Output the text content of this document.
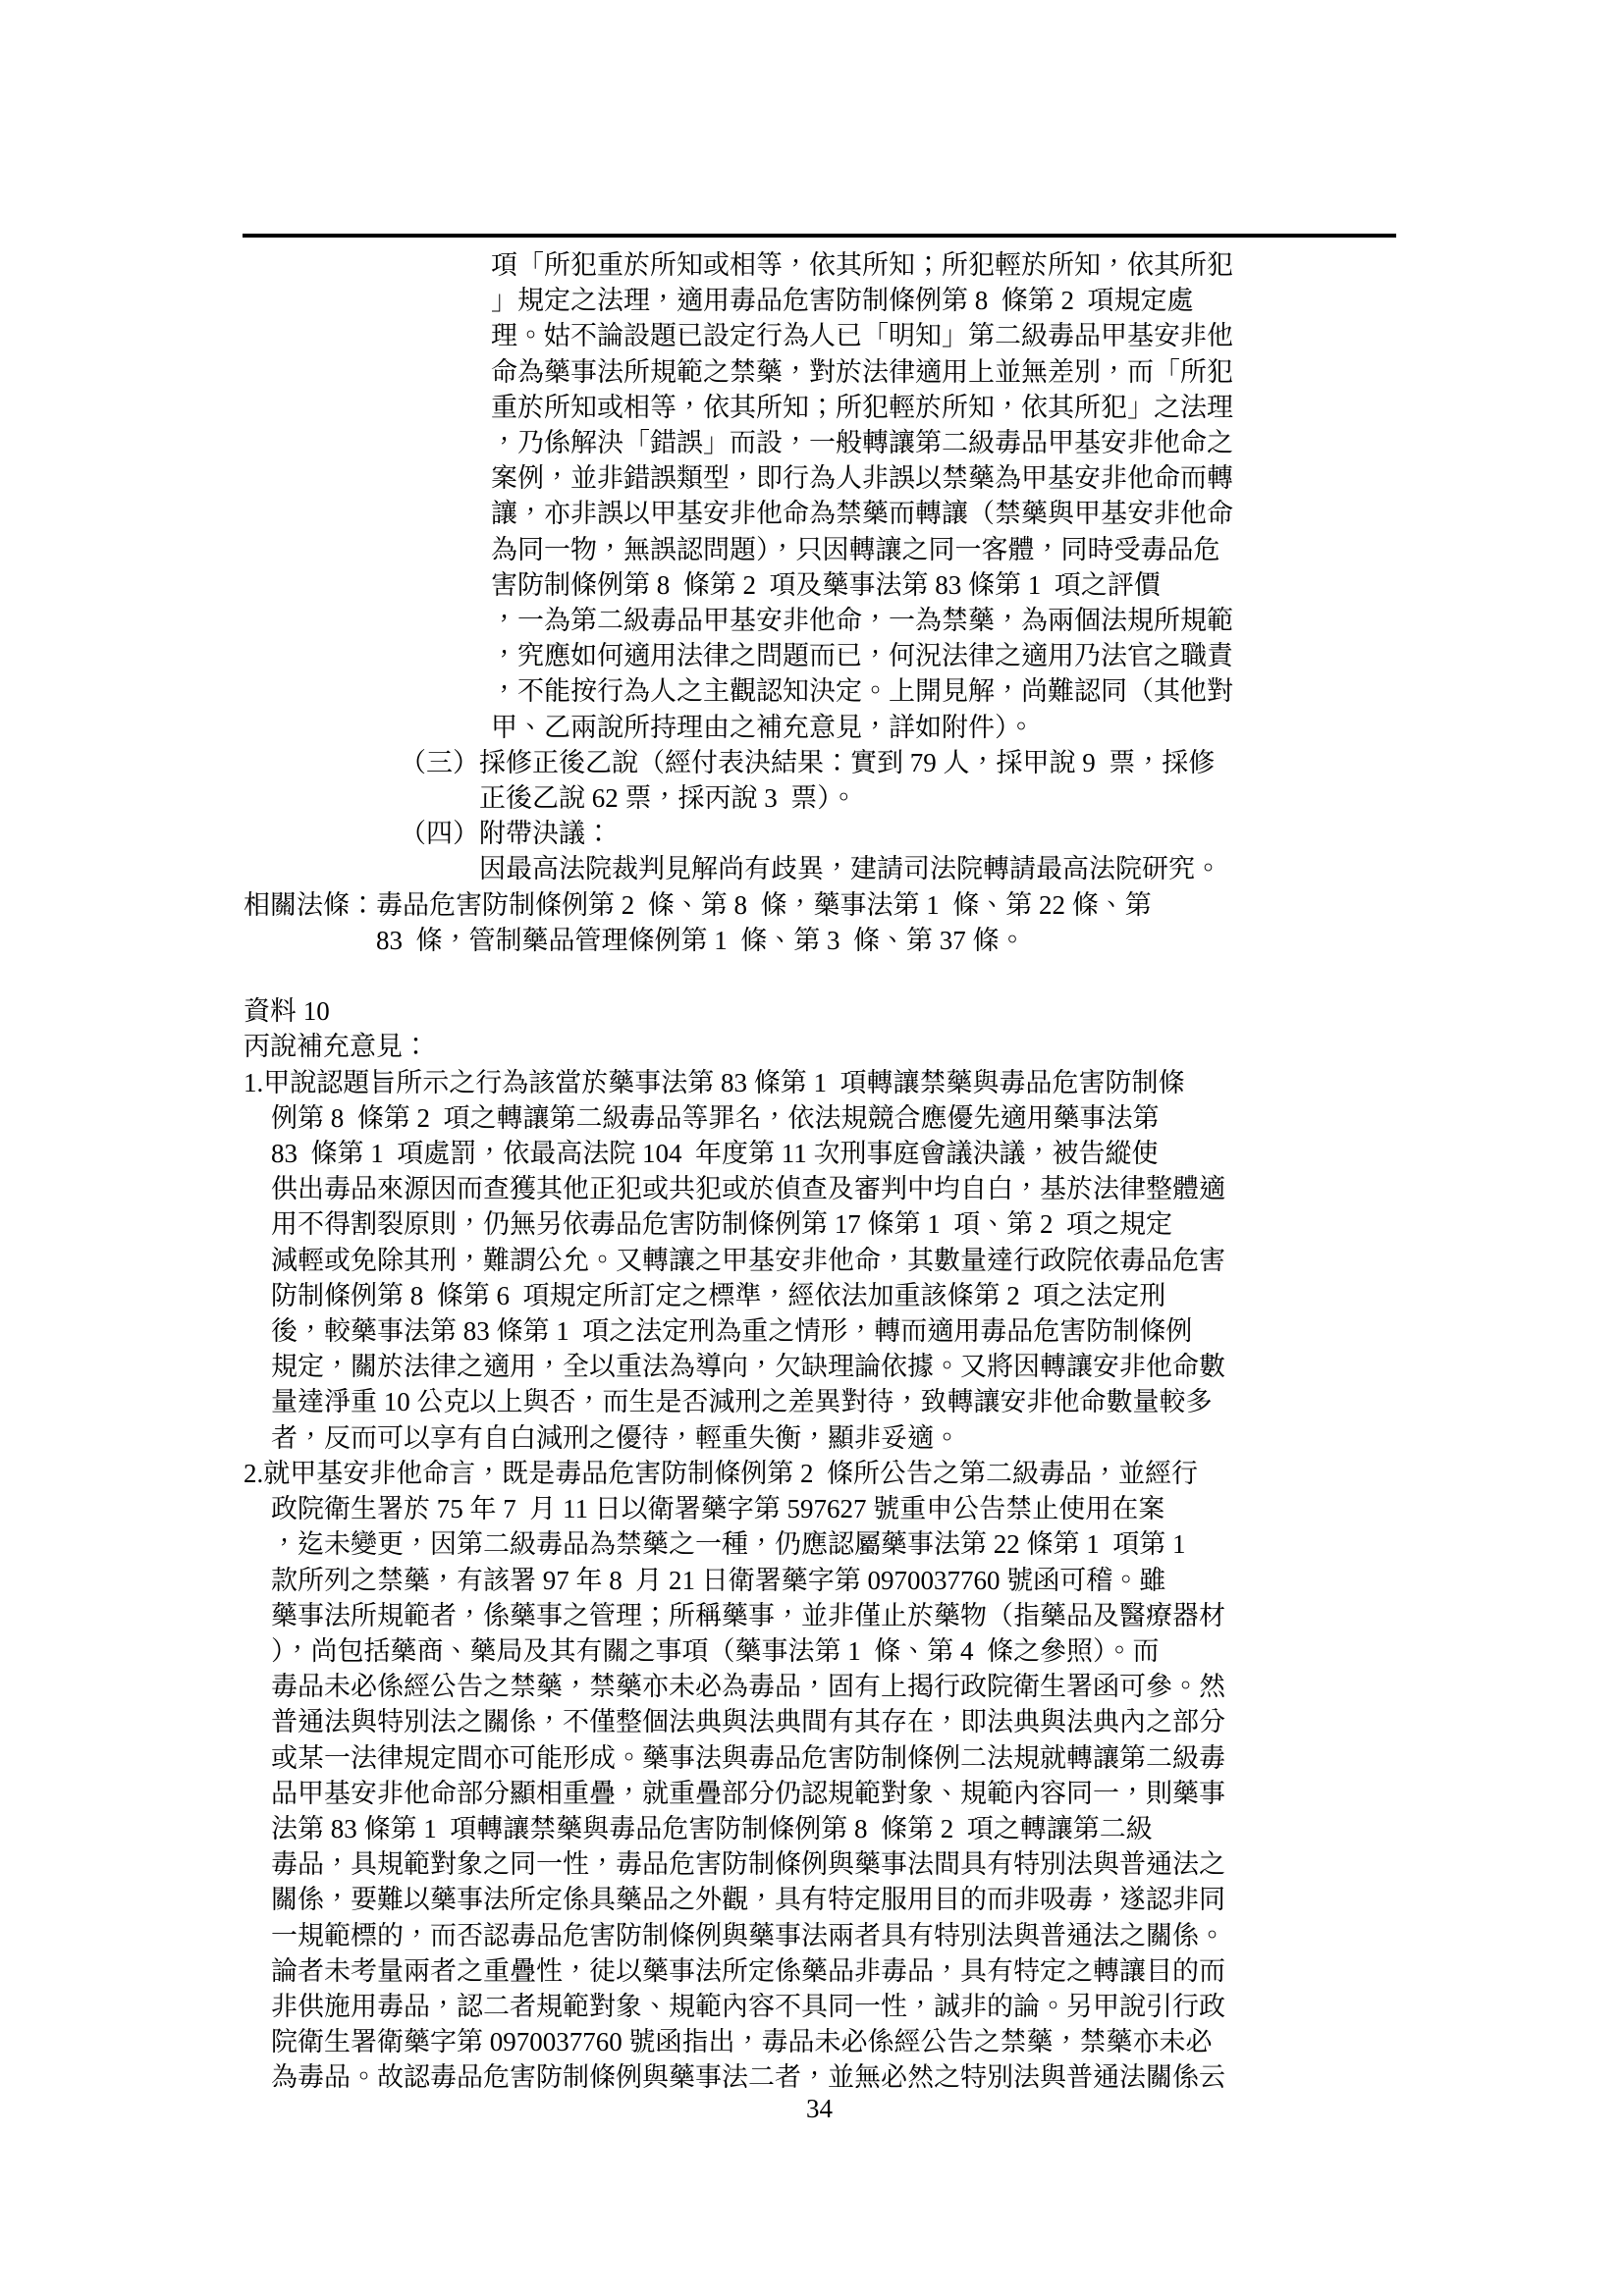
項「所犯重於所知或相等，依其所知；所犯輕於所知，依其所犯
」規定之法理，適用毒品危害防制條例第 8  條第 2  項規定處
理。姑不論設題已設定行為人已「明知」第二級毒品甲基安非他
命為藥事法所規範之禁藥，對於法律適用上並無差別，而「所犯
重於所知或相等，依其所知；所犯輕於所知，依其所犯」之法理
，乃係解決「錯誤」而設，一般轉讓第二級毒品甲基安非他命之
案例，並非錯誤類型，即行為人非誤以禁藥為甲基安非他命而轉
讓，亦非誤以甲基安非他命為禁藥而轉讓（禁藥與甲基安非他命
為同一物，無誤認問題），只因轉讓之同一客體，同時受毒品危
害防制條例第 8  條第 2  項及藥事法第 83 條第 1  項之評價
，一為第二級毒品甲基安非他命，一為禁藥，為兩個法規所規範
，究應如何適用法律之問題而已，何況法律之適用乃法官之職責
，不能按行為人之主觀認知決定。上開見解，尚難認同（其他對
甲、乙兩說所持理由之補充意見，詳如附件）。
（三）採修正後乙說（經付表決結果：實到 79 人，採甲說 9  票，採修
正後乙說 62 票，採丙說 3  票）。
（四）附帶決議：
因最高法院裁判見解尚有歧異，建請司法院轉請最高法院研究。
相關法條：毒品危害防制條例第 2  條、第 8  條，藥事法第 1  條、第 22 條、第
83  條，管制藥品管理條例第 1  條、第 3  條、第 37 條。
資料 10
丙說補充意見：
1.甲說認題旨所示之行為該當於藥事法第 83 條第 1  項轉讓禁藥與毒品危害防制條
例第 8  條第 2  項之轉讓第二級毒品等罪名，依法規競合應優先適用藥事法第
83  條第 1  項處罰，依最高法院 104  年度第 11 次刑事庭會議決議，被告縱使
供出毒品來源因而查獲其他正犯或共犯或於偵查及審判中均自白，基於法律整體適
用不得割裂原則，仍無另依毒品危害防制條例第 17 條第 1  項、第 2  項之規定
減輕或免除其刑，難謂公允。又轉讓之甲基安非他命，其數量達行政院依毒品危害
防制條例第 8  條第 6  項規定所訂定之標準，經依法加重該條第 2  項之法定刑
後，較藥事法第 83 條第 1  項之法定刑為重之情形，轉而適用毒品危害防制條例
規定，關於法律之適用，全以重法為導向，欠缺理論依據。又將因轉讓安非他命數
量達淨重 10 公克以上與否，而生是否減刑之差異對待，致轉讓安非他命數量較多
者，反而可以享有自白減刑之優待，輕重失衡，顯非妥適。
2.就甲基安非他命言，既是毒品危害防制條例第 2  條所公告之第二級毒品，並經行
政院衛生署於 75 年 7  月 11 日以衛署藥字第 597627 號重申公告禁止使用在案
，迄未變更，因第二級毒品為禁藥之一種，仍應認屬藥事法第 22 條第 1  項第 1
款所列之禁藥，有該署 97 年 8  月 21 日衛署藥字第 0970037760 號函可稽。雖
藥事法所規範者，係藥事之管理；所稱藥事，並非僅止於藥物（指藥品及醫療器材
），尚包括藥商、藥局及其有關之事項（藥事法第 1  條、第 4  條之參照）。而
毒品未必係經公告之禁藥，禁藥亦未必為毒品，固有上揭行政院衛生署函可參。然
普通法與特別法之關係，不僅整個法典與法典間有其存在，即法典與法典內之部分
或某一法律規定間亦可能形成。藥事法與毒品危害防制條例二法規就轉讓第二級毒
品甲基安非他命部分顯相重疊，就重疊部分仍認規範對象、規範內容同一，則藥事
法第 83 條第 1  項轉讓禁藥與毒品危害防制條例第 8  條第 2  項之轉讓第二級
毒品，具規範對象之同一性，毒品危害防制條例與藥事法間具有特別法與普通法之
關係，要難以藥事法所定係具藥品之外觀，具有特定服用目的而非吸毒，遂認非同
一規範標的，而否認毒品危害防制條例與藥事法兩者具有特別法與普通法之關係。
論者未考量兩者之重疊性，徒以藥事法所定係藥品非毒品，具有特定之轉讓目的而
非供施用毒品，認二者規範對象、規範內容不具同一性，誠非的論。另甲說引行政
院衛生署衛藥字第 0970037760 號函指出，毒品未必係經公告之禁藥，禁藥亦未必
為毒品。故認毒品危害防制條例與藥事法二者，並無必然之特別法與普通法關係云
34
